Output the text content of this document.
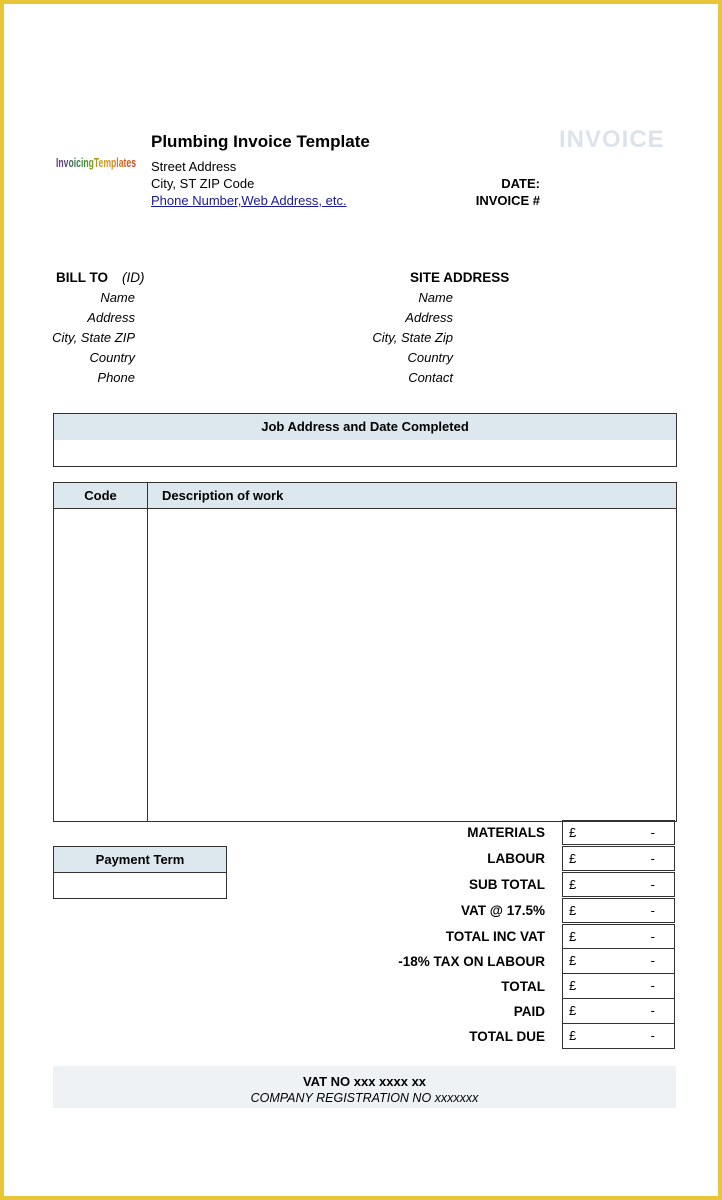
InvoicingTemplates
Plumbing Invoice Template
Street Address
City, ST ZIP Code
Phone Number,Web Address, etc.
INVOICE
DATE:
INVOICE #
BILL TO (ID)
Name
Address
City, State ZIP
Country
Phone
SITE ADDRESS
Name
Address
City, State Zip
Country
Contact
Job Address and Date Completed
Code	Description of work
Payment Term
MATERIALS £	-
LABOUR £	-
SUB TOTAL £	-
VAT @ 17.5% £	-
TOTAL INC VAT £	-
-18% TAX ON LABOUR £	-
TOTAL £	-
PAID £	-
TOTAL DUE £	-
VAT NO xxx xxxx xx
COMPANY REGISTRATION NO xxxxxxx
